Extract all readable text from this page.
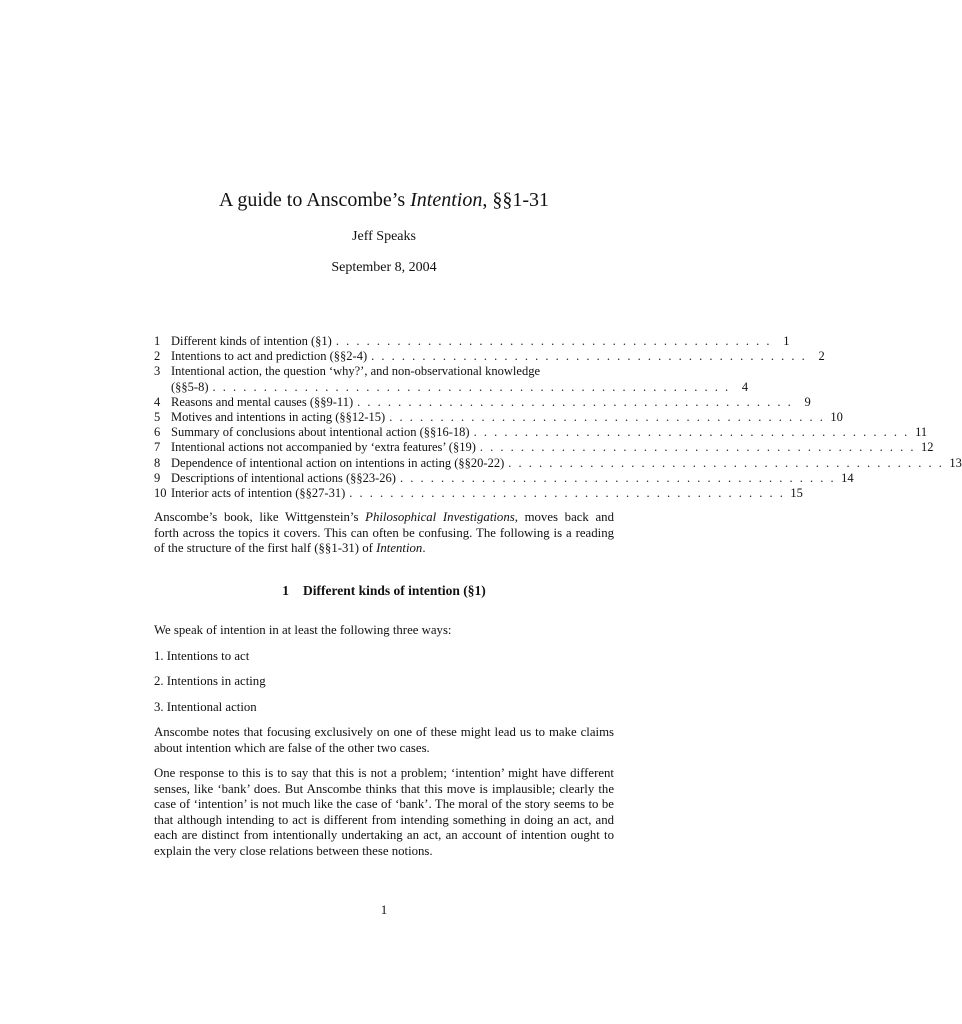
A guide to Anscombe’s Intention, §§1-31
Jeff Speaks
September 8, 2004
1 Different kinds of intention (§1) . . . . . . . . . . . . . . . . . . . . . . . . . . . . . . . . . . . . . . . . . . . 1
2 Intentions to act and prediction (§§2-4) . . . . . . . . . . . . . . . . . . . . . . . . . . . . . . . . . . . . . . . . . . . 2
3 Intentional action, the question ‘why?’, and non-observational knowledge
(§§5-8) . . . . . . . . . . . . . . . . . . . . . . . . . . . . . . . . . . . . . . . . . . . . . . . . . . . 4
4 Reasons and mental causes (§§9-11) . . . . . . . . . . . . . . . . . . . . . . . . . . . . . . . . . . . . . . . . . . . 9
5 Motives and intentions in acting (§§12-15) . . . . . . . . . . . . . . . . . . . . . . . . . . . . . . . . . . . . . . . . . . . 10
6 Summary of conclusions about intentional action (§§16-18) . . . . . . . . . . . . . . . . . . . . . . . . . . . . . . . . . . . . . . . . . . . 11
7 Intentional actions not accompanied by ‘extra features’ (§19) . . . . . . . . . . . . . . . . . . . . . . . . . . . . . . . . . . . . . . . . . . . 12
8 Dependence of intentional action on intentions in acting (§§20-22) . . . . . . . . . . . . . . . . . . . . . . . . . . . . . . . . . . . . . . . . . . . 13
9 Descriptions of intentional actions (§§23-26) . . . . . . . . . . . . . . . . . . . . . . . . . . . . . . . . . . . . . . . . . . . 14
10 Interior acts of intention (§§27-31) . . . . . . . . . . . . . . . . . . . . . . . . . . . . . . . . . . . . . . . . . . . 15
Anscombe’s book, like Wittgenstein’s Philosophical Investigations, moves back and forth across the topics it covers. This can often be confusing. The following is a reading of the structure of the first half (§§1-31) of Intention.
1 Different kinds of intention (§1)
We speak of intention in at least the following three ways:
1. Intentions to act
2. Intentions in acting
3. Intentional action
Anscombe notes that focusing exclusively on one of these might lead us to make claims about intention which are false of the other two cases.
One response to this is to say that this is not a problem; ‘intention’ might have different senses, like ‘bank’ does. But Anscombe thinks that this move is implausible; clearly the case of ‘intention’ is not much like the case of ‘bank’. The moral of the story seems to be that although intending to act is different from intending something in doing an act, and each are distinct from intentionally undertaking an act, an account of intention ought to explain the very close relations between these notions.
1
